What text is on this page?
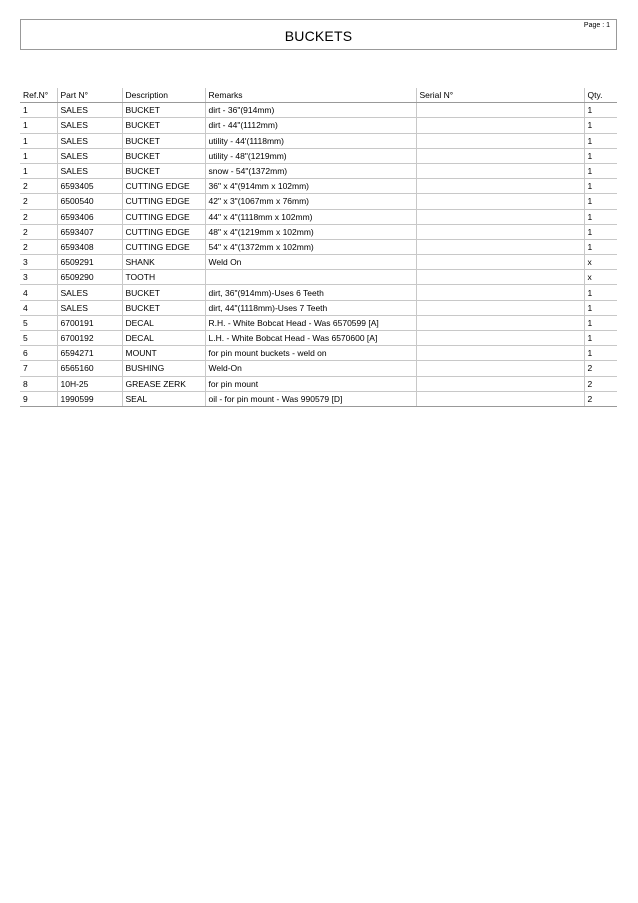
Page : 1
BUCKETS
Ref.N°	Part N°	Description	Remarks	Serial N°	Qty.
1	SALES	BUCKET	dirt - 36"(914mm)		1
1	SALES	BUCKET	dirt - 44"(1112mm)		1
1	SALES	BUCKET	utility - 44'(1118mm)		1
1	SALES	BUCKET	utility - 48"(1219mm)		1
1	SALES	BUCKET	snow - 54"(1372mm)		1
2	6593405	CUTTING EDGE	36" x 4"(914mm x 102mm)		1
2	6500540	CUTTING EDGE	42" x 3"(1067mm x 76mm)		1
2	6593406	CUTTING EDGE	44" x 4"(1118mm x 102mm)		1
2	6593407	CUTTING EDGE	48" x 4"(1219mm x 102mm)		1
2	6593408	CUTTING EDGE	54" x 4"(1372mm x 102mm)		1
3	6509291	SHANK	Weld On		x
3	6509290	TOOTH			x
4	SALES	BUCKET	dirt, 36"(914mm)-Uses 6 Teeth		1
4	SALES	BUCKET	dirt, 44"(1118mm)-Uses 7 Teeth		1
5	6700191	DECAL	R.H. - White Bobcat Head - Was 6570599 [A]		1
5	6700192	DECAL	L.H. - White Bobcat Head - Was 6570600 [A]		1
6	6594271	MOUNT	for pin mount buckets - weld on		1
7	6565160	BUSHING	Weld-On		2
8	10H-25	GREASE ZERK	for pin mount		2
9	1990599	SEAL	oil - for pin mount - Was 990579 [D]		2
